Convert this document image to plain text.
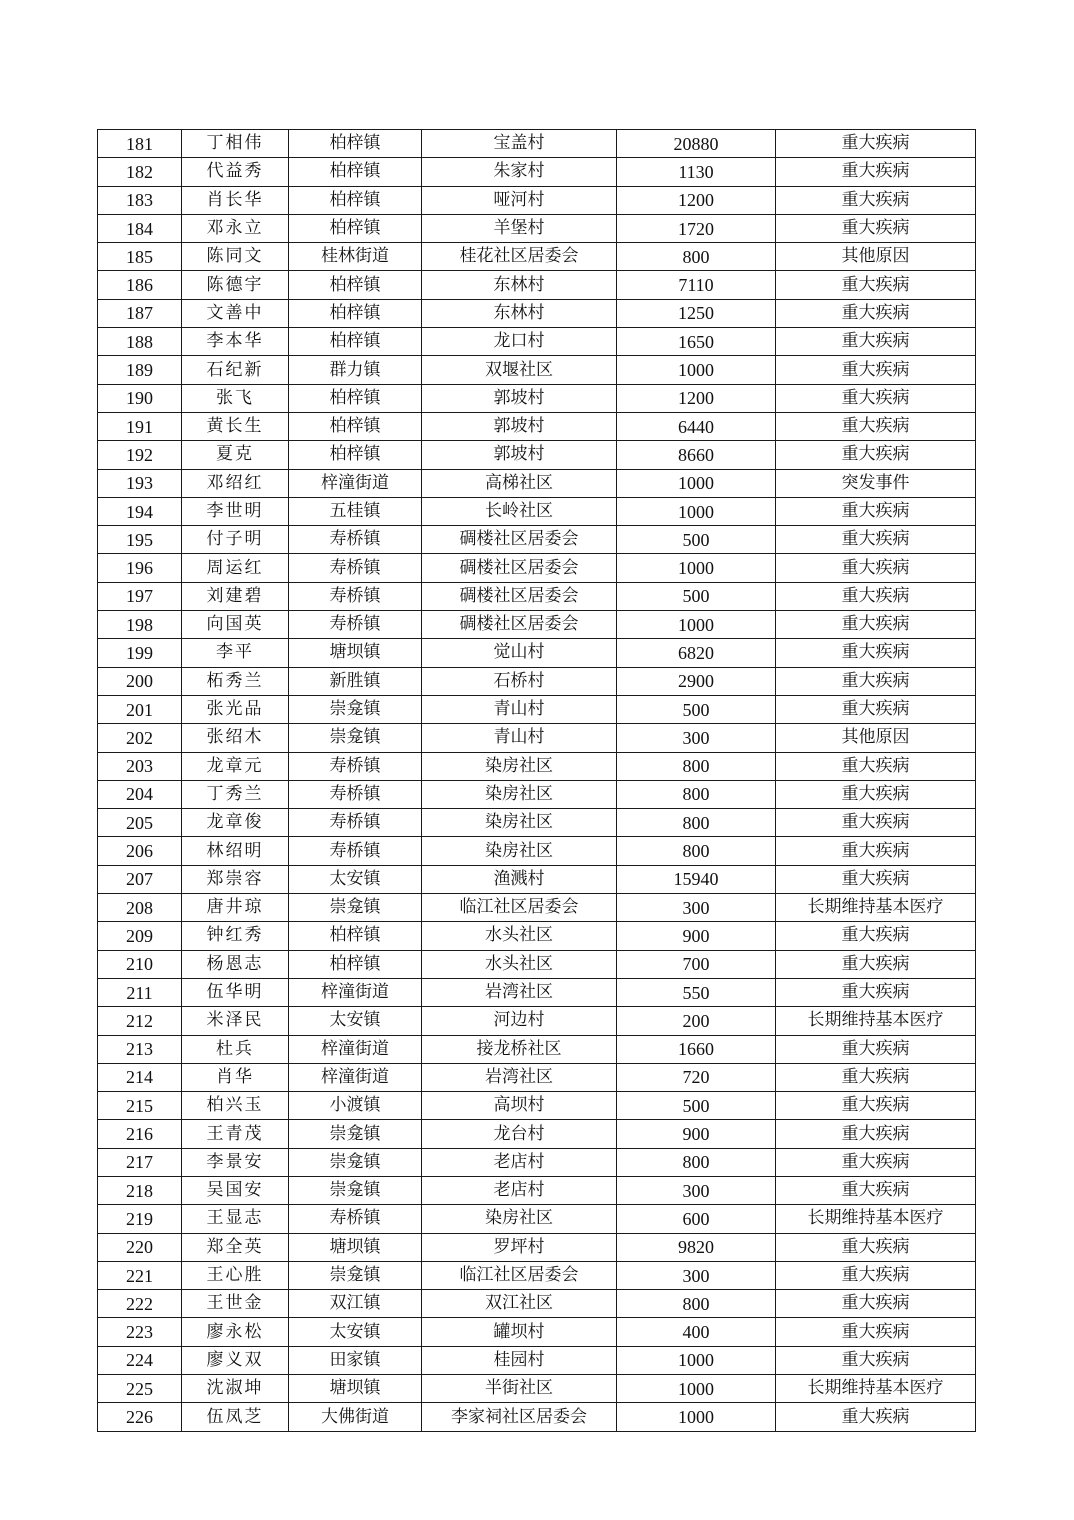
181	丁相伟	柏梓镇	宝盖村	20880	重大疾病
182	代益秀	柏梓镇	朱家村	1130	重大疾病
183	肖长华	柏梓镇	哑河村	1200	重大疾病
184	邓永立	柏梓镇	羊堡村	1720	重大疾病
185	陈同文	桂林街道	桂花社区居委会	800	其他原因
186	陈德宇	柏梓镇	东林村	7110	重大疾病
187	文善中	柏梓镇	东林村	1250	重大疾病
188	李本华	柏梓镇	龙口村	1650	重大疾病
189	石纪新	群力镇	双堰社区	1000	重大疾病
190	张飞	柏梓镇	郭坡村	1200	重大疾病
191	黄长生	柏梓镇	郭坡村	6440	重大疾病
192	夏克	柏梓镇	郭坡村	8660	重大疾病
193	邓绍红	梓潼街道	高梯社区	1000	突发事件
194	李世明	五桂镇	长岭社区	1000	重大疾病
195	付子明	寿桥镇	碉楼社区居委会	500	重大疾病
196	周运红	寿桥镇	碉楼社区居委会	1000	重大疾病
197	刘建碧	寿桥镇	碉楼社区居委会	500	重大疾病
198	向国英	寿桥镇	碉楼社区居委会	1000	重大疾病
199	李平	塘坝镇	觉山村	6820	重大疾病
200	柘秀兰	新胜镇	石桥村	2900	重大疾病
201	张光品	崇龛镇	青山村	500	重大疾病
202	张绍木	崇龛镇	青山村	300	其他原因
203	龙章元	寿桥镇	染房社区	800	重大疾病
204	丁秀兰	寿桥镇	染房社区	800	重大疾病
205	龙章俊	寿桥镇	染房社区	800	重大疾病
206	林绍明	寿桥镇	染房社区	800	重大疾病
207	郑崇容	太安镇	渔溅村	15940	重大疾病
208	唐井琼	崇龛镇	临江社区居委会	300	长期维持基本医疗
209	钟红秀	柏梓镇	水头社区	900	重大疾病
210	杨恩志	柏梓镇	水头社区	700	重大疾病
211	伍华明	梓潼街道	岩湾社区	550	重大疾病
212	米泽民	太安镇	河边村	200	长期维持基本医疗
213	杜兵	梓潼街道	接龙桥社区	1660	重大疾病
214	肖华	梓潼街道	岩湾社区	720	重大疾病
215	柏兴玉	小渡镇	高坝村	500	重大疾病
216	王青茂	崇龛镇	龙台村	900	重大疾病
217	李景安	崇龛镇	老店村	800	重大疾病
218	吴国安	崇龛镇	老店村	300	重大疾病
219	王显志	寿桥镇	染房社区	600	长期维持基本医疗
220	郑全英	塘坝镇	罗坪村	9820	重大疾病
221	王心胜	崇龛镇	临江社区居委会	300	重大疾病
222	王世金	双江镇	双江社区	800	重大疾病
223	廖永松	太安镇	罐坝村	400	重大疾病
224	廖义双	田家镇	桂园村	1000	重大疾病
225	沈淑坤	塘坝镇	半街社区	1000	长期维持基本医疗
226	伍凤芝	大佛街道	李家祠社区居委会	1000	重大疾病
